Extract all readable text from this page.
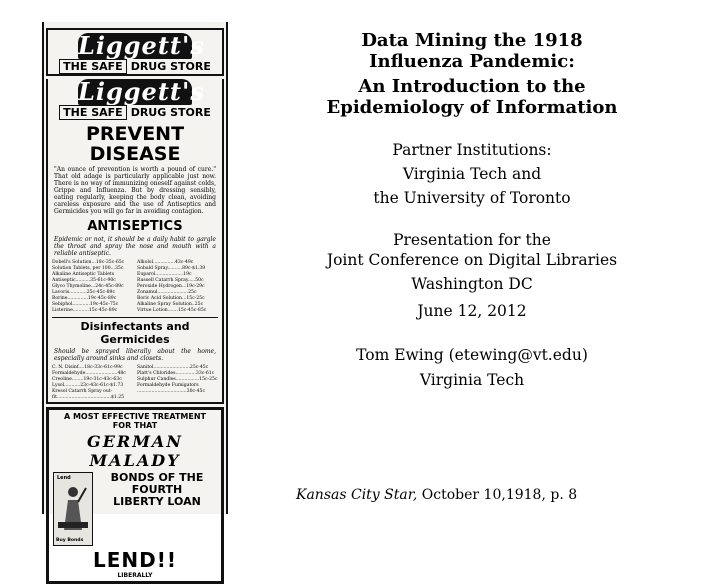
Liggett's
THE SAFE DRUG STORE
Liggett's
THE SAFE DRUG STORE
PREVENT
DISEASE
"An ounce of prevention is worth a pound of cure." That old adage is particularly applicable just now. There is no way of immunizing oneself against colds, Grippe and Influenza. But by dressing sensibly, eating regularly, keeping the body clean, avoiding careless exposure and the use of Antiseptics and Germicides you will go far in avoiding contagion.
ANTISEPTICS
Epidemic or not, it should be a daily habit to gargle the throat and spray the nose and mouth with a reliable antiseptic.
Dobell's Solution...18c-35c-65c
Solution Tablets, per 100...35c
Alkaline Antiseptic Tablets
Antiseptic..........35-61c-90c
Glyco Thymoline...24c-45c-89c
Lavoris............25c-45c-89c
Borine..............19c-45c-89c
Sebiphol............19c-45c-75c
Listerine...........15c-45c-89c
Alkolol...............43c-49c
Sobald Spray..........89c-$1.39
Euparol...................19c
Russell Catarrh Spray.....50c
Peroxide Hydrogen...19c-29c
Zonamul.....................25c
Boric Acid Solution...15c-25c
Alkaline Spray Solution..25c
Virtue Lotion.......15c-45c-85c
Disinfectants and Germicides
Should be sprayed liberally about the home, especially around sinks and closets.
C. N. Disinf....18c-33c-61c-99c
Formaldehyde......................48c
Creoline........19c-31c-43c-63c
Lysol...........23c-43c-61c-$1.73
Kresol Catarrh Spray out-
fit.....................................$1.25
Sanitol.........................25c-45c
Platt's Chlorides..............33c-61c
Sulphur Candles................15c-25c
Formaldehyde Fumigators
..................................30c-45c
A MOST EFFECTIVE TREATMENT FOR THAT
GERMAN MALADY
Lend
Buy Bonds
BONDS OF THE
FOURTH
LIBERTY LOAN
LEND!!
LIBERALLY

Data Mining the 1918

Influenza Pandemic:

An Introduction to the

Epidemiology of Information

Partner Institutions:

Virginia Tech and

the University of Toronto

Presentation for the

Joint Conference on Digital Libraries

Washington DC

June 12, 2012

Tom Ewing (etewing@vt.edu)

Virginia Tech

Kansas City Star, October 10,1918, p. 8
